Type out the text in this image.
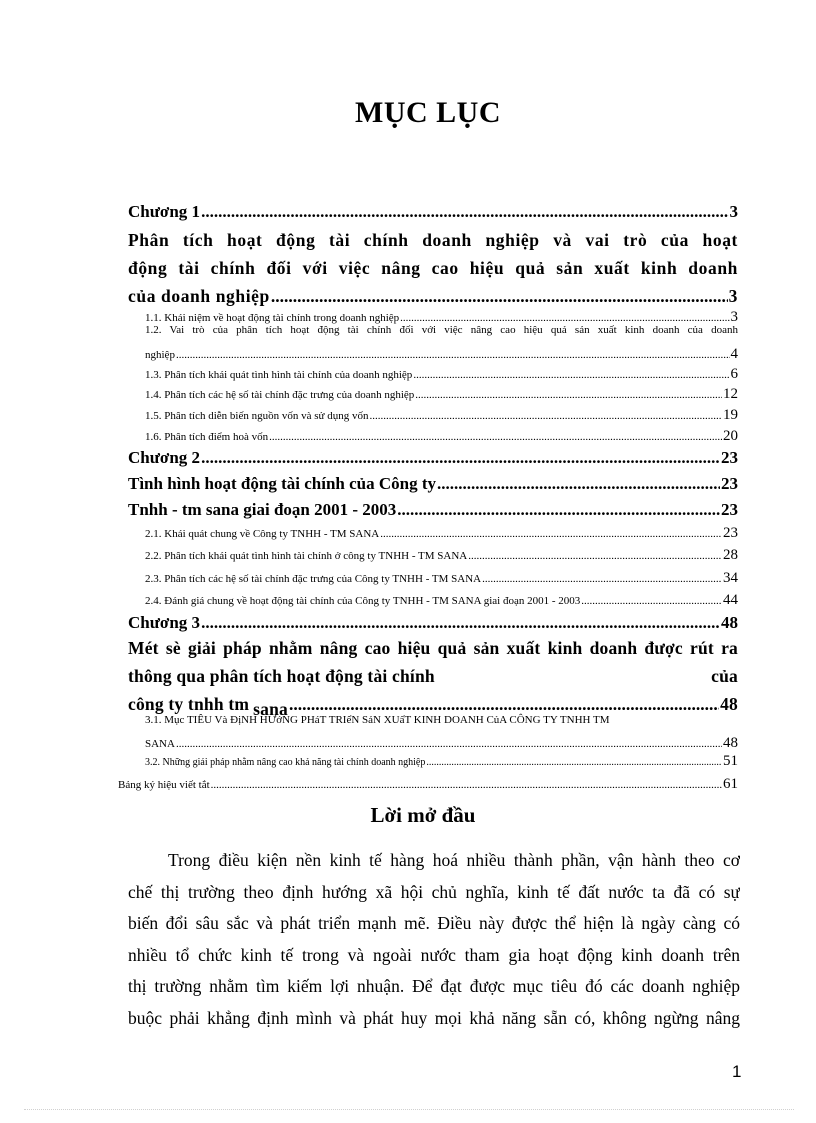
MỤC LỤC
Chương 1 .....	3
Phân tích hoạt động tài chính doanh nghiệp và vai trò của hoạt
động tài chính đối với việc nâng cao hiệu quả sản xuất kinh doanh
của doanh nghiệp .....	3
1.1. Khái niệm về hoạt động tài chính trong doanh nghiệp .....	3
1.2. Vai trò của phân tích hoạt động tài chính đối với việc nâng cao hiệu quả sản xuất kinh doanh của doanh
nghiệp .....	4
1.3. Phân tích khái quát tình hình tài chính của doanh nghiệp .....	6
1.4. Phân tích các hệ số tài chính đặc trưng của doanh nghiệp .....	12
1.5. Phân tích diễn biến nguồn vốn và sử dụng vốn .....	19
1.6. Phân tích điểm hoà vốn .....	20
Chương 2 .....	23
Tình hình hoạt động tài chính của Công ty .....	23
Tnhh - tm sana giai đoạn 2001 - 2003 .....	23
2.1. Khái quát chung về Công ty TNHH - TM SANA .....	23
2.2. Phân tích khái quát tình hình tài chính ở công ty TNHH - TM SANA .....	28
2.3. Phân tích các hệ số tài chính đặc trưng của Công ty TNHH - TM SANA .....	34
2.4. Đánh giá chung về hoạt động tài chính của Công ty TNHH - TM SANA giai đoạn 2001 - 2003 .....	44
Chương 3 .....	48
Mét sè giải pháp nhằm nâng cao hiệu quả sản xuất kinh doanh được rút ra
thông qua phân tích hoạt động tài chính	của
công ty tnhh tm sana .....	48
3.1. Mục TIÊU Và ĐịNH HƯớNG PHáT TRIểN SảN XUấT KINH DOANH CủA CÔNG TY TNHH TM
SANA .....	48
3.2. Những giải pháp nhằm nâng cao khả năng tài chính doanh nghiệp .....	51
Bảng ký hiệu viết tắt .....	61
Lời mở đầu
Trong điều kiện nền kinh tế hàng hoá nhiều thành phần, vận hành theo cơ
chế thị trường theo định hướng xã hội chủ nghĩa, kinh tế đất nước ta đã có sự
biến đổi sâu sắc và phát triển mạnh mẽ. Điều này được thể hiện là ngày càng có
nhiều tổ chức kinh tế trong và ngoài nước tham gia hoạt động kinh doanh trên
thị trường nhằm tìm kiếm lợi nhuận. Để đạt được mục tiêu đó các doanh nghiệp
buộc phải khẳng định mình và phát huy mọi khả năng sẵn có, không ngừng nâng
1
